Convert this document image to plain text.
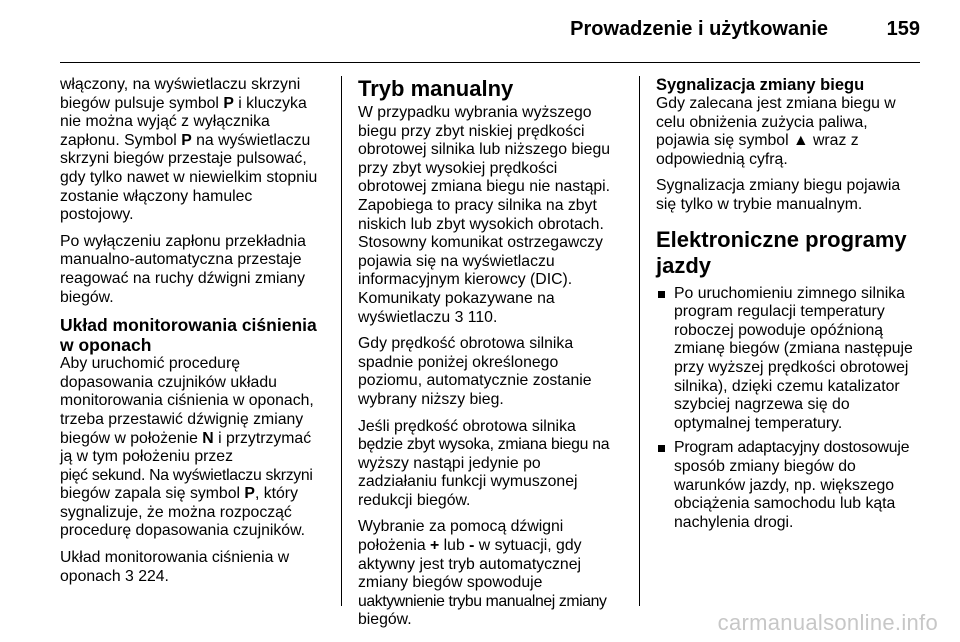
Prowadzenie i użytkowanie	159

włączony, na wyświetlaczu skrzyni
biegów pulsuje symbol P i kluczyka
nie można wyjąć z wyłącznika
zapłonu. Symbol P na wyświetlaczu
skrzyni biegów przestaje pulsować,
gdy tylko nawet w niewielkim stopniu
zostanie włączony hamulec
postojowy.

Po wyłączeniu zapłonu przekładnia
manualno-automatyczna przestaje
reagować na ruchy dźwigni zmiany
biegów.

Układ monitorowania ciśnienia
w oponach

Aby uruchomić procedurę
dopasowania czujników układu
monitorowania ciśnienia w oponach,
trzeba przestawić dźwignię zmiany
biegów w położenie N i przytrzymać
ją w tym położeniu przez
pięć sekund. Na wyświetlaczu skrzyni
biegów zapala się symbol P, który
sygnalizuje, że można rozpocząć
procedurę dopasowania czujników.

Układ monitorowania ciśnienia w
oponach 3 224.

Tryb manualny

W przypadku wybrania wyższego
biegu przy zbyt niskiej prędkości
obrotowej silnika lub niższego biegu
przy zbyt wysokiej prędkości
obrotowej zmiana biegu nie nastąpi.
Zapobiega to pracy silnika na zbyt
niskich lub zbyt wysokich obrotach.
Stosowny komunikat ostrzegawczy
pojawia się na wyświetlaczu
informacyjnym kierowcy (DIC).
Komunikaty pokazywane na
wyświetlaczu 3 110.

Gdy prędkość obrotowa silnika
spadnie poniżej określonego
poziomu, automatycznie zostanie
wybrany niższy bieg.

Jeśli prędkość obrotowa silnika
będzie zbyt wysoka, zmiana biegu na
wyższy nastąpi jedynie po
zadziałaniu funkcji wymuszonej
redukcji biegów.

Wybranie za pomocą dźwigni
położenia + lub - w sytuacji, gdy
aktywny jest tryb automatycznej
zmiany biegów spowoduje
uaktywnienie trybu manualnej zmiany
biegów.

Sygnalizacja zmiany biegu

Gdy zalecana jest zmiana biegu w
celu obniżenia zużycia paliwa,
pojawia się symbol ▲ wraz z
odpowiednią cyfrą.

Sygnalizacja zmiany biegu pojawia
się tylko w trybie manualnym.

Elektroniczne programy
jazdy
Po uruchomieniu zimnego silnika
program regulacji temperatury
roboczej powoduje opóźnioną
zmianę biegów (zmiana następuje
przy wyższej prędkości obrotowej
silnika), dzięki czemu katalizator
szybciej nagrzewa się do
optymalnej temperatury.
Program adaptacyjny dostosowuje
sposób zmiany biegów do
warunków jazdy, np. większego
obciążenia samochodu lub kąta
nachylenia drogi.
carmanualsonline.info
